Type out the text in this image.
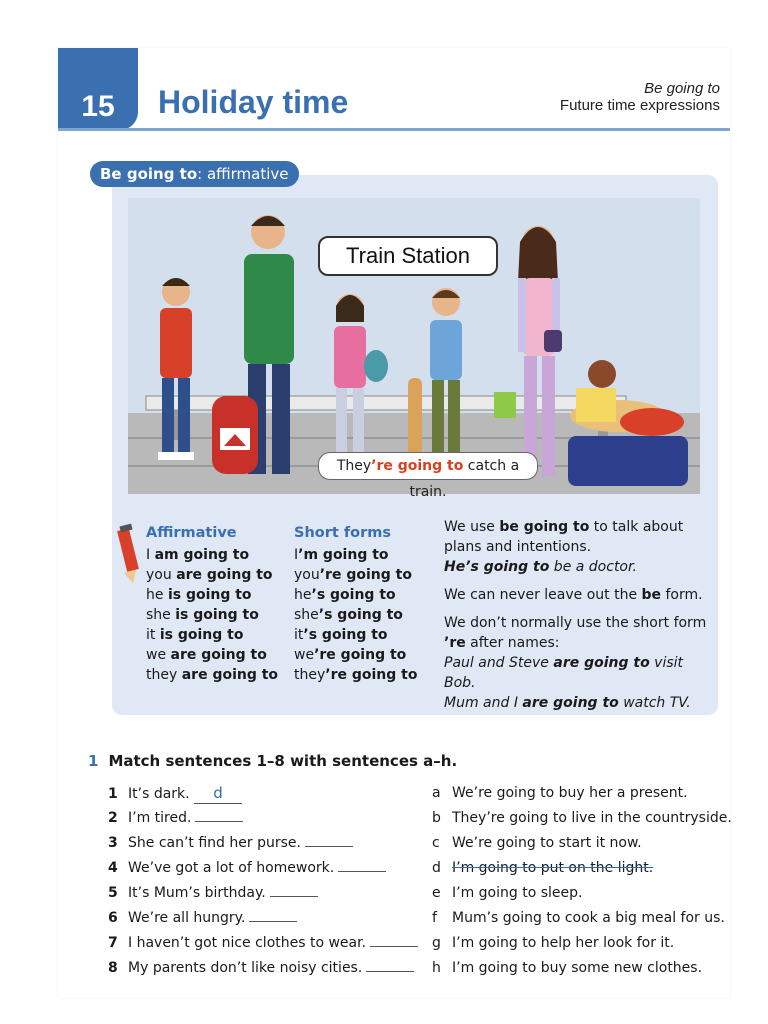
15 Holiday time	Be going to
Future time expressions
Train Station
They’re going to catch a train.
Affirmative
I am going to
you are going to
he is going to
she is going to
it is going to
we are going to
they are going to
Short forms
I’m going to
you’re going to
he’s going to
she’s going to
it’s going to
we’re going to
they’re going to

We use be going to to talk about plans and intentions.
He’s going to be a doctor.

We can never leave out the be form.

We don’t normally use the short form ’re after names:
Paul and Steve are going to visit Bob.
Mum and I are going to watch TV.

Be going to: affirmative
1 Match sentences 1–8 with sentences a–h.
1 It’s dark. d
2 I’m tired.
3 She can’t find her purse.
4 We’ve got a lot of homework.
5 It’s Mum’s birthday.
6 We’re all hungry.
7 I haven’t got nice clothes to wear.
8 My parents don’t like noisy cities.
a We’re going to buy her a present.
b They’re going to live in the countryside.
c We’re going to start it now.
d I’m going to put on the light.
e I’m going to sleep.
f Mum’s going to cook a big meal for us.
g I’m going to help her look for it.
h I’m going to buy some new clothes.
